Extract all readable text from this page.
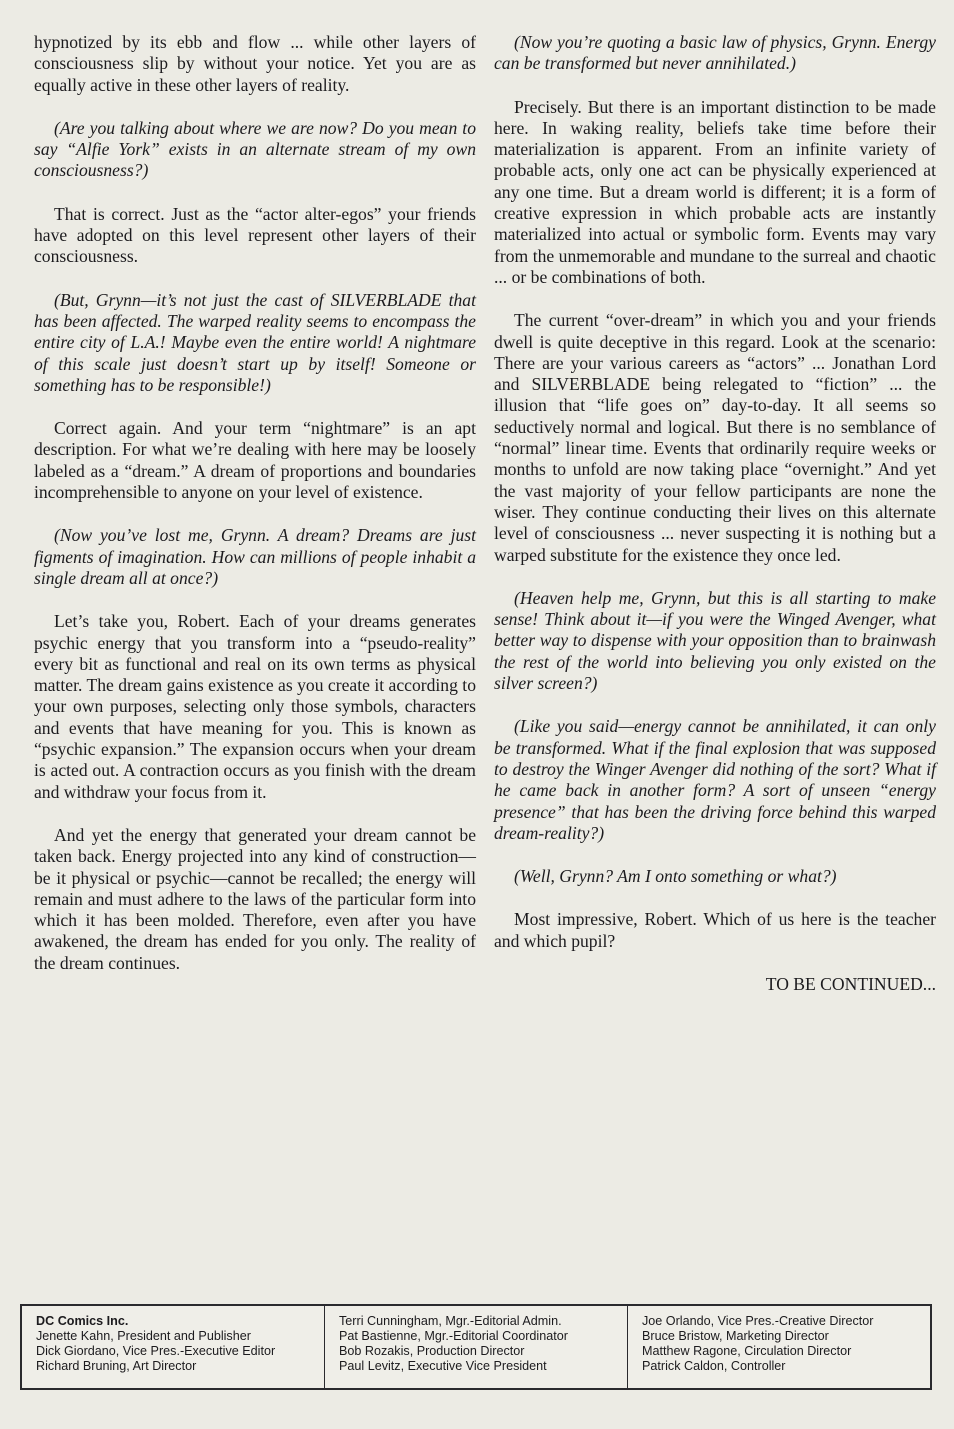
hypnotized by its ebb and flow ... while other layers of consciousness slip by without your notice. Yet you are as equally active in these other layers of reality.

(Are you talking about where we are now? Do you mean to say “Alfie York” exists in an alternate stream of my own consciousness?)

That is correct. Just as the “actor alter-egos” your friends have adopted on this level represent other layers of their consciousness.

(But, Grynn—it’s not just the cast of SILVERBLADE that has been affected. The warped reality seems to encompass the entire city of L.A.! Maybe even the entire world! A nightmare of this scale just doesn’t start up by itself! Someone or something has to be responsible!)

Correct again. And your term “nightmare” is an apt description. For what we’re dealing with here may be loosely labeled as a “dream.” A dream of proportions and boundaries incomprehensible to anyone on your level of existence.

(Now you’ve lost me, Grynn. A dream? Dreams are just figments of imagination. How can millions of people inhabit a single dream all at once?)

Let’s take you, Robert. Each of your dreams generates psychic energy that you transform into a “pseudo-reality” every bit as functional and real on its own terms as physical matter. The dream gains existence as you create it according to your own purposes, selecting only those symbols, characters and events that have meaning for you. This is known as “psychic expansion.” The expansion occurs when your dream is acted out. A contraction occurs as you finish with the dream and withdraw your focus from it.

And yet the energy that generated your dream cannot be taken back. Energy projected into any kind of construction—be it physical or psychic—cannot be recalled; the energy will remain and must adhere to the laws of the particular form into which it has been molded. Therefore, even after you have awakened, the dream has ended for you only. The reality of the dream continues.

(Now you’re quoting a basic law of physics, Grynn. Energy can be transformed but never annihilated.)

Precisely. But there is an important distinction to be made here. In waking reality, beliefs take time before their materialization is apparent. From an infinite variety of probable acts, only one act can be physically experienced at any one time. But a dream world is different; it is a form of creative expression in which probable acts are instantly materialized into actual or symbolic form. Events may vary from the unmemorable and mundane to the surreal and chaotic ... or be combinations of both.

The current “over-dream” in which you and your friends dwell is quite deceptive in this regard. Look at the scenario: There are your various careers as “actors” ... Jonathan Lord and SILVERBLADE being relegated to “fiction” ... the illusion that “life goes on” day-to-day. It all seems so seductively normal and logical. But there is no semblance of “normal” linear time. Events that ordinarily require weeks or months to unfold are now taking place “overnight.” And yet the vast majority of your fellow participants are none the wiser. They continue conducting their lives on this alternate level of consciousness ... never suspecting it is nothing but a warped substitute for the existence they once led.

(Heaven help me, Grynn, but this is all starting to make sense! Think about it—if you were the Winged Avenger, what better way to dispense with your opposition than to brainwash the rest of the world into believing you only existed on the silver screen?)

(Like you said—energy cannot be annihilated, it can only be transformed. What if the final explosion that was supposed to destroy the Winger Avenger did nothing of the sort? What if he came back in another form? A sort of unseen “energy presence” that has been the driving force behind this warped dream-reality?)

(Well, Grynn? Am I onto something or what?)

Most impressive, Robert. Which of us here is the teacher and which pupil?

TO BE CONTINUED...

DC Comics Inc.
Jenette Kahn, President and Publisher
Dick Giordano, Vice Pres.-Executive Editor
Richard Bruning, Art Director
Terri Cunningham, Mgr.-Editorial Admin.
Pat Bastienne, Mgr.-Editorial Coordinator
Bob Rozakis, Production Director
Paul Levitz, Executive Vice President
Joe Orlando, Vice Pres.-Creative Director
Bruce Bristow, Marketing Director
Matthew Ragone, Circulation Director
Patrick Caldon, Controller
